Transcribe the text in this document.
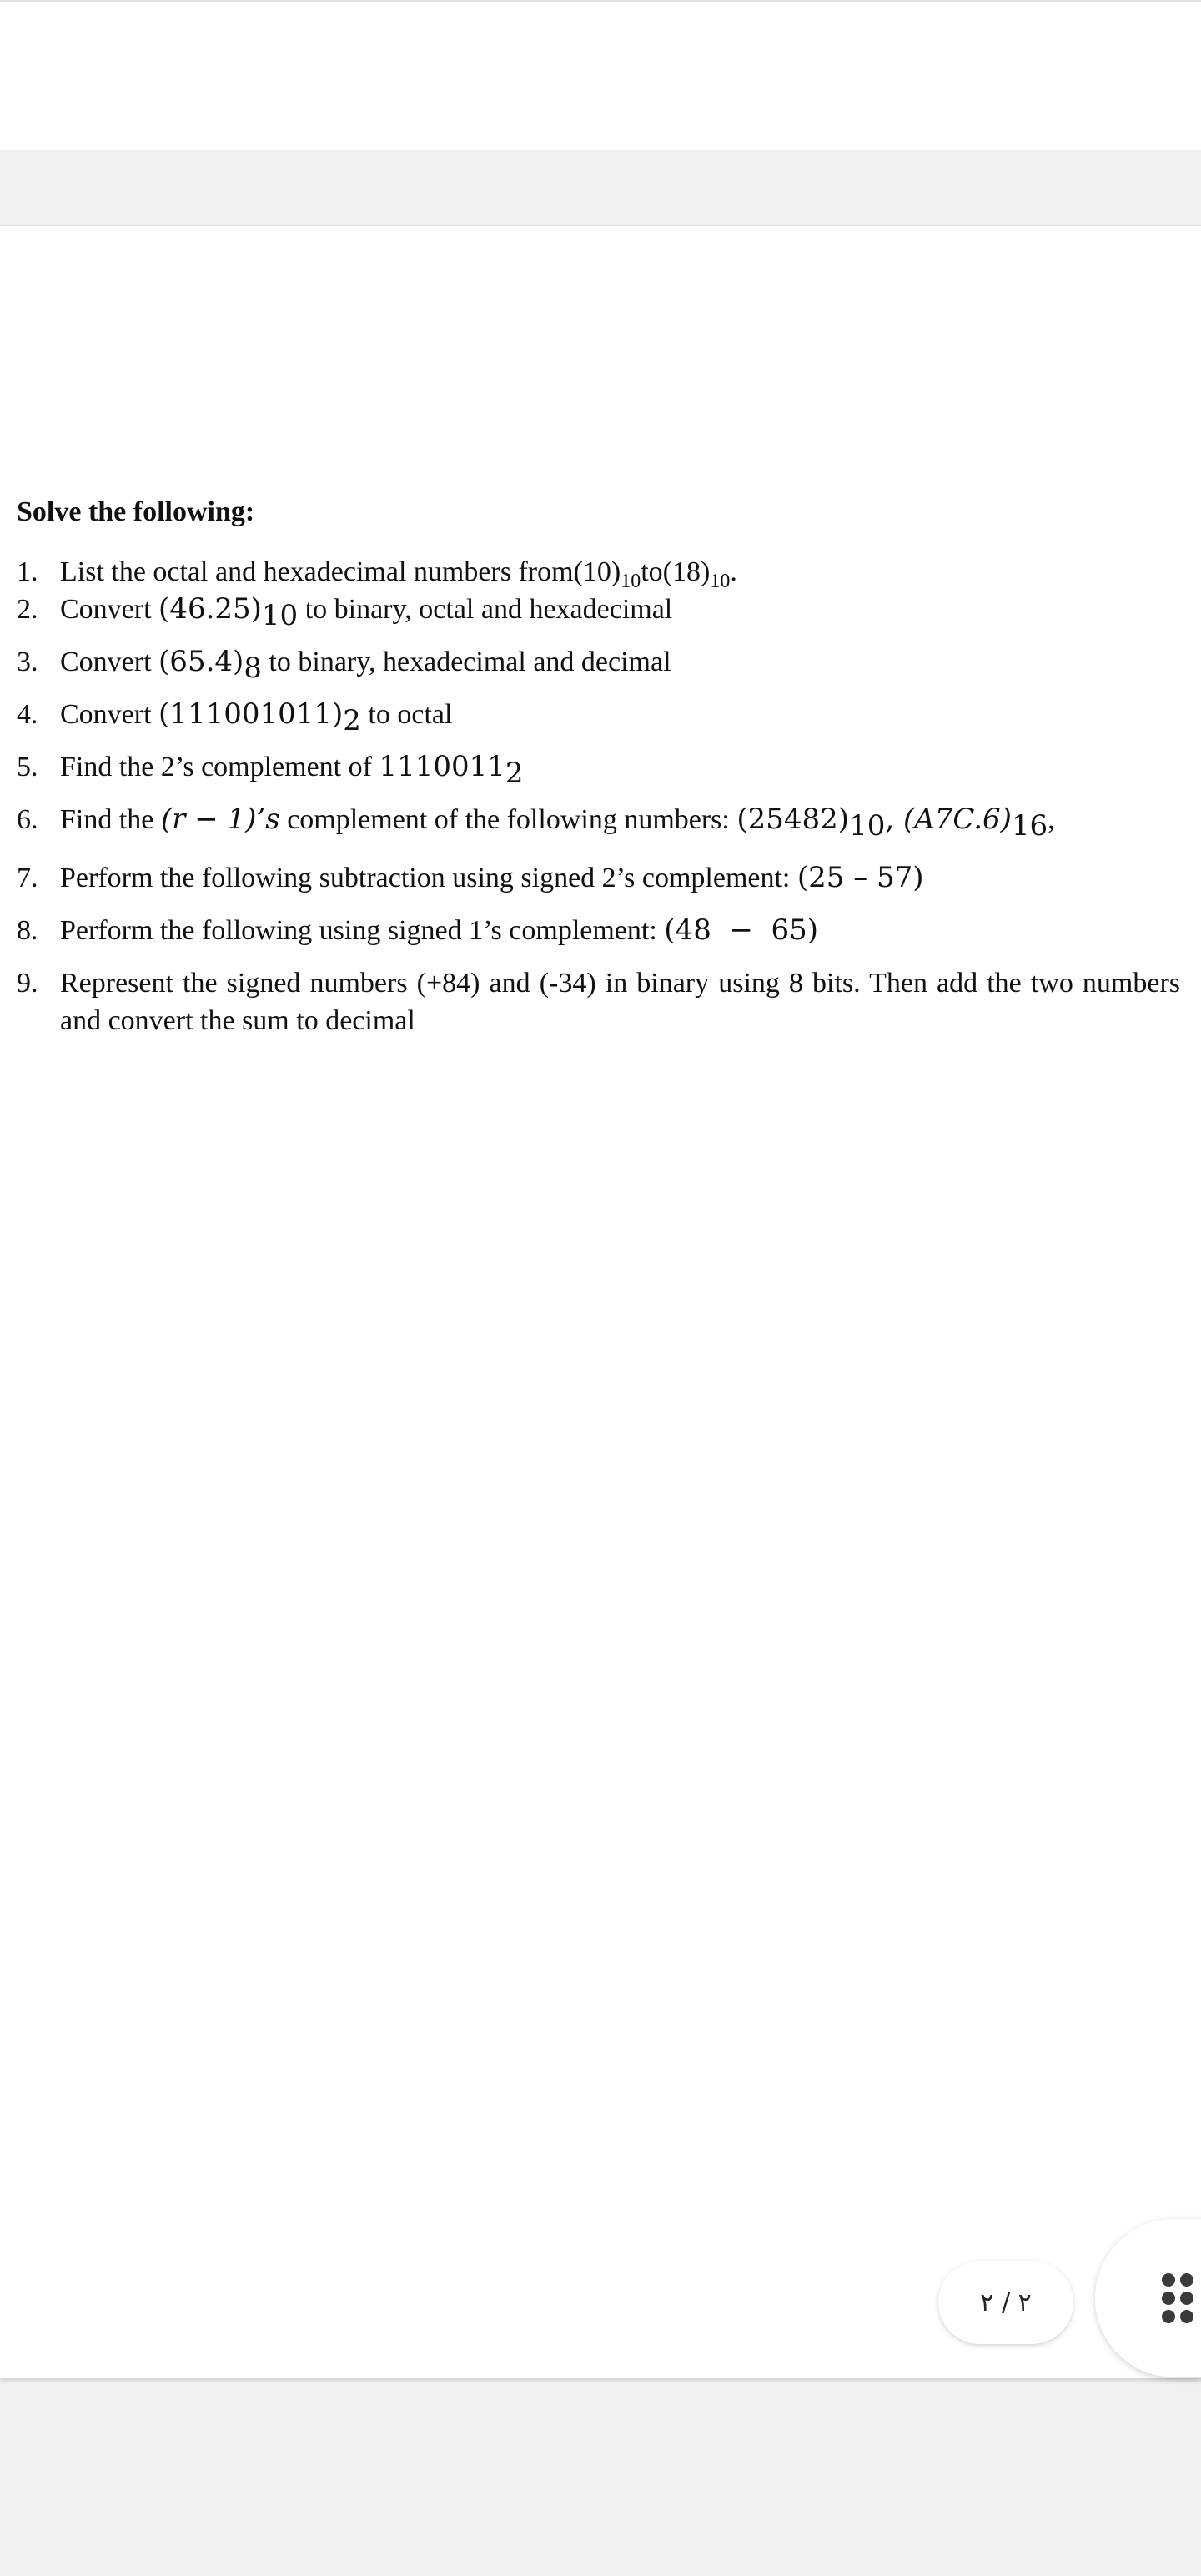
Solve the following:
1. List the octal and hexadecimal numbers $from(10)_{10}to(18)_{10}$.
2. Convert $(46.25)_{10}$ to binary, octal and hexadecimal
3. Convert $(65.4)_8$ to binary, hexadecimal and decimal
4. Convert $(111001011)_2$ to octal
5. Find the 2’s complement of $1110011_2$
6. Find the (r − 1)’s complement of the following numbers: $(25482)_{10}$, $(A7C.6)_{16}$,
7. Perform the following subtraction using signed 2’s complement: (25 – 57)
8. Perform the following using signed 1’s complement: (48  −  65)
9. Represent the signed numbers (+84) and (-34) in binary using 8 bits. Then add the two numbers and convert the sum to decimal
٢ / ٢
